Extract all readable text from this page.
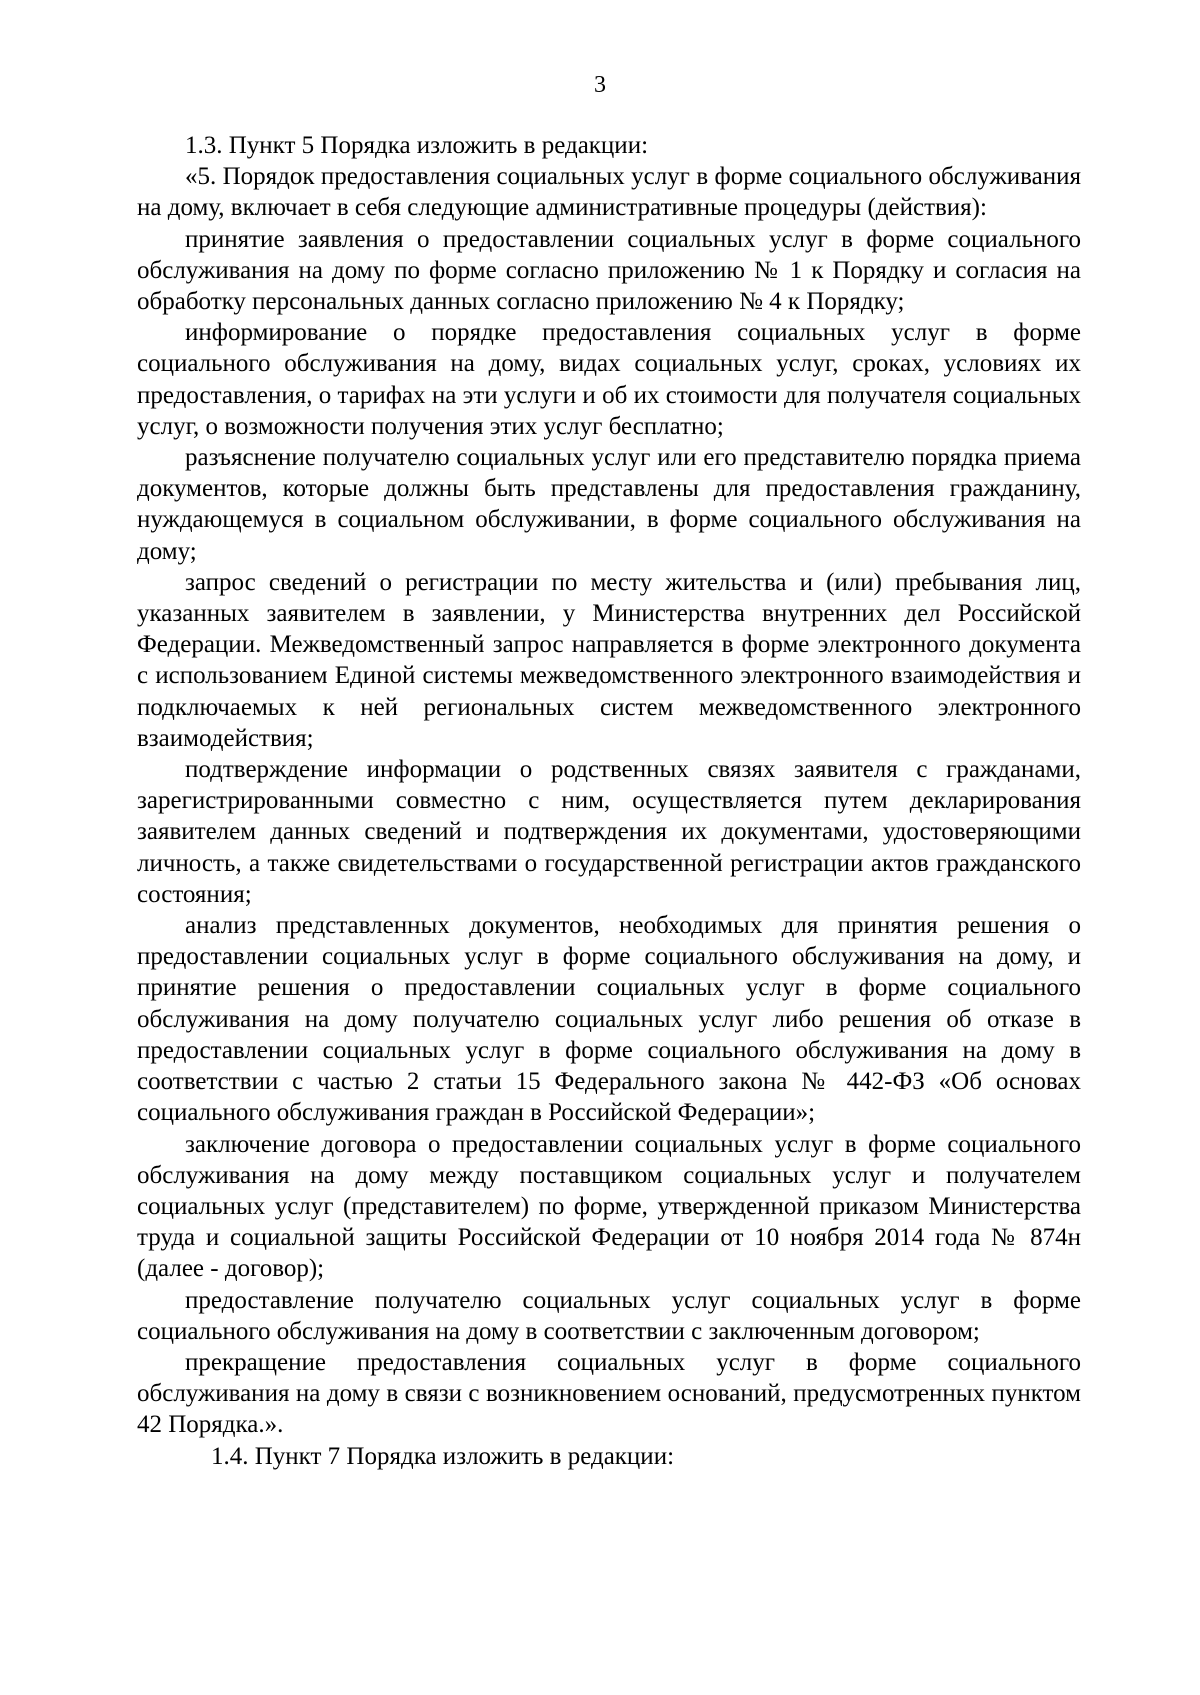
3

1.3. Пункт 5 Порядка изложить в редакции:

«5. Порядок предоставления социальных услуг в форме социального обслуживания на дому, включает в себя следующие административные процедуры (действия):

принятие заявления о предоставлении социальных услуг в форме социального обслуживания на дому по форме согласно приложению № 1 к Порядку и согласия на обработку персональных данных согласно приложению № 4 к Порядку;

информирование о порядке предоставления социальных услуг в форме социального обслуживания на дому, видах социальных услуг, сроках, условиях их предоставления, о тарифах на эти услуги и об их стоимости для получателя социальных услуг, о возможности получения этих услуг бесплатно;

разъяснение получателю социальных услуг или его представителю порядка приема документов, которые должны быть представлены для предоставления гражданину, нуждающемуся в социальном обслуживании, в форме социального обслуживания на дому;

запрос сведений о регистрации по месту жительства и (или) пребывания лиц, указанных заявителем в заявлении, у Министерства внутренних дел Российской Федерации. Межведомственный запрос направляется в форме электронного документа с использованием Единой системы межведомственного электронного взаимодействия и подключаемых к ней региональных систем межведомственного электронного взаимодействия;

подтверждение информации о родственных связях заявителя с гражданами, зарегистрированными совместно с ним, осуществляется путем декларирования заявителем данных сведений и подтверждения их документами, удостоверяющими личность, а также свидетельствами о государственной регистрации актов гражданского состояния;

анализ представленных документов, необходимых для принятия решения о предоставлении социальных услуг в форме социального обслуживания на дому, и принятие решения о предоставлении социальных услуг в форме социального обслуживания на дому получателю социальных услуг либо решения об отказе в предоставлении социальных услуг в форме социального обслуживания на дому в соответствии с частью 2 статьи 15 Федерального закона № 442-ФЗ «Об основах социального обслуживания граждан в Российской Федерации»;

заключение договора о предоставлении социальных услуг в форме социального обслуживания на дому между поставщиком социальных услуг и получателем социальных услуг (представителем) по форме, утвержденной приказом Министерства труда и социальной защиты Российской Федерации от 10 ноября 2014 года № 874н (далее - договор);

предоставление получателю социальных услуг социальных услуг в форме социального обслуживания на дому в соответствии с заключенным договором;

прекращение предоставления социальных услуг в форме социального обслуживания на дому в связи с возникновением оснований, предусмотренных пунктом 42 Порядка.».

1.4. Пункт 7 Порядка изложить в редакции:
